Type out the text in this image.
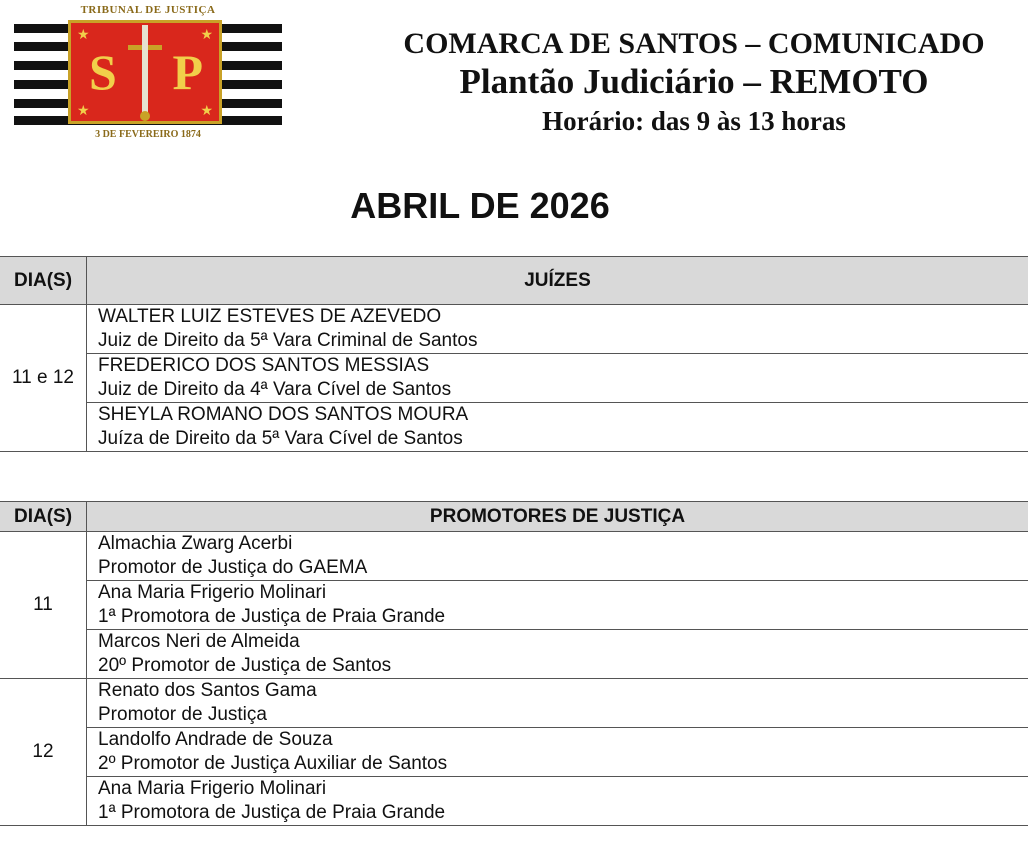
TRIBUNAL DE JUSTIÇA
★	★
★	★
S P
3 DE FEVEREIRO 1874
COMARCA DE SANTOS – COMUNICADO
Plantão Judiciário – REMOTO
Horário: das 9 às 13 horas
ABRIL DE 2026
DIA(S)	JUÍZES
11 e 12	WALTER LUIZ ESTEVES DE AZEVEDO
Juiz de Direito da 5ª Vara Criminal de Santos

	FREDERICO DOS SANTOS MESSIAS
Juiz de Direito da 4ª Vara Cível de Santos

	SHEYLA ROMANO DOS SANTOS MOURA
Juíza de Direito da 5ª Vara Cível de Santos
DIA(S)	PROMOTORES DE JUSTIÇA
11	Almachia Zwarg Acerbi
Promotor de Justiça do GAEMA

	Ana Maria Frigerio Molinari
1ª Promotora de Justiça de Praia Grande

	Marcos Neri de Almeida
20º Promotor de Justiça de Santos

12	Renato dos Santos Gama
Promotor de Justiça

	Landolfo Andrade de Souza
2º Promotor de Justiça Auxiliar de Santos

	Ana Maria Frigerio Molinari
1ª Promotora de Justiça de Praia Grande
